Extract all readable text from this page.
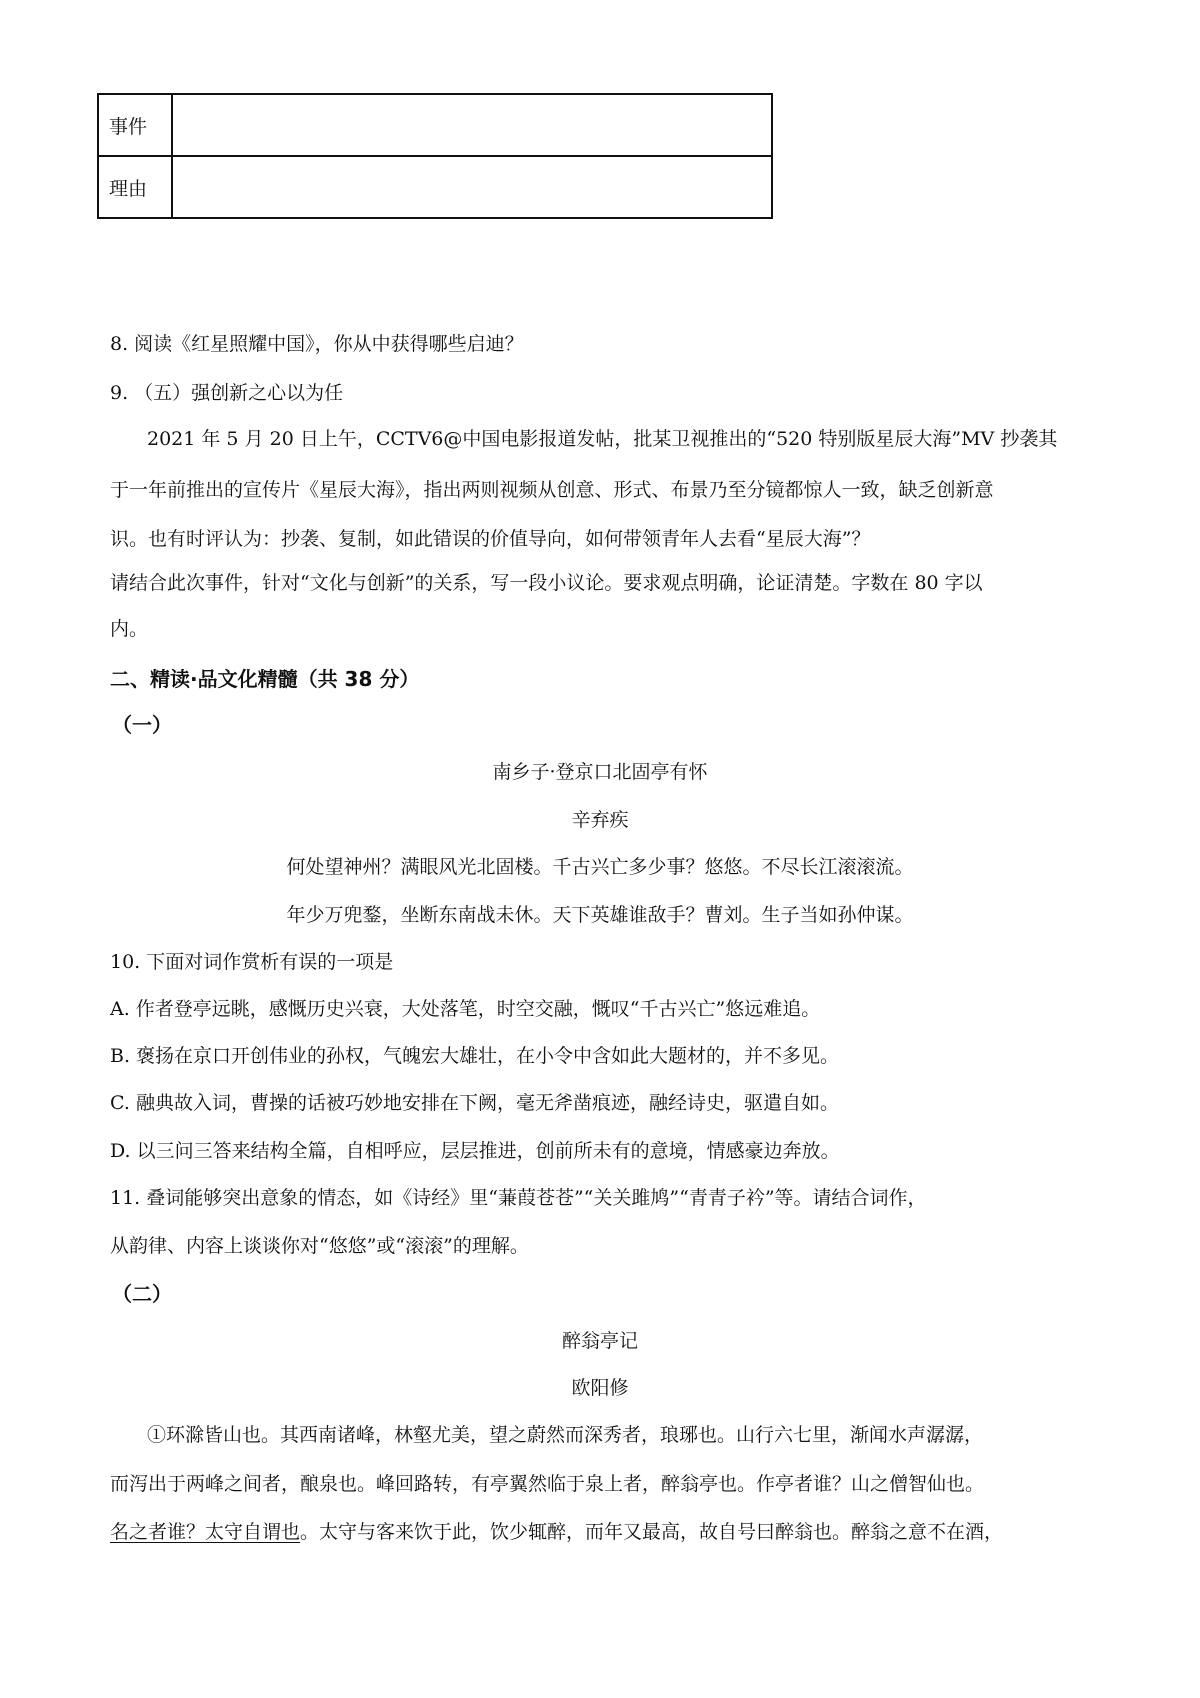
事件	
理由	
8. 阅读《红星照耀中国》，你从中获得哪些启迪？
9. （五）强创新之心以为任
2021 年 5 月 20 日上午，CCTV6@中国电影报道发帖，批某卫视推出的“520 特别版星辰大海”MV 抄袭其
于一年前推出的宣传片《星辰大海》，指出两则视频从创意、形式、布景乃至分镜都惊人一致，缺乏创新意
识。也有时评认为：抄袭、复制，如此错误的价值导向，如何带领青年人去看“星辰大海”？
请结合此次事件，针对“文化与创新”的关系，写一段小议论。要求观点明确，论证清楚。字数在 80 字以
内。
二、精读·品文化精髓（共 38 分）
（一）
南乡子·登京口北固亭有怀
辛弃疾
何处望神州？满眼风光北固楼。千古兴亡多少事？悠悠。不尽长江滚滚流。
年少万兜鍪，坐断东南战未休。天下英雄谁敌手？曹刘。生子当如孙仲谋。
10. 下面对词作赏析有误的一项是
A. 作者登亭远眺，感慨历史兴衰，大处落笔，时空交融，慨叹“千古兴亡”悠远难追。
B. 褒扬在京口开创伟业的孙权，气魄宏大雄壮，在小令中含如此大题材的，并不多见。
C. 融典故入词，曹操的话被巧妙地安排在下阙，毫无斧凿痕迹，融经诗史，驱遣自如。
D. 以三问三答来结构全篇，自相呼应，层层推进，创前所未有的意境，情感豪边奔放。
11. 叠词能够突出意象的情态，如《诗经》里“蒹葭苍苍”“关关雎鸠”“青青子衿”等。请结合词作，
从韵律、内容上谈谈你对“悠悠”或“滚滚”的理解。
（二）
醉翁亭记
欧阳修
①环滁皆山也。其西南诸峰，林壑尤美，望之蔚然而深秀者，琅琊也。山行六七里，渐闻水声潺潺，
而泻出于两峰之间者，酿泉也。峰回路转，有亭翼然临于泉上者，醉翁亭也。作亭者谁？山之僧智仙也。
名之者谁？太守自谓也。太守与客来饮于此，饮少辄醉，而年又最高，故自号曰醉翁也。醉翁之意不在酒，
